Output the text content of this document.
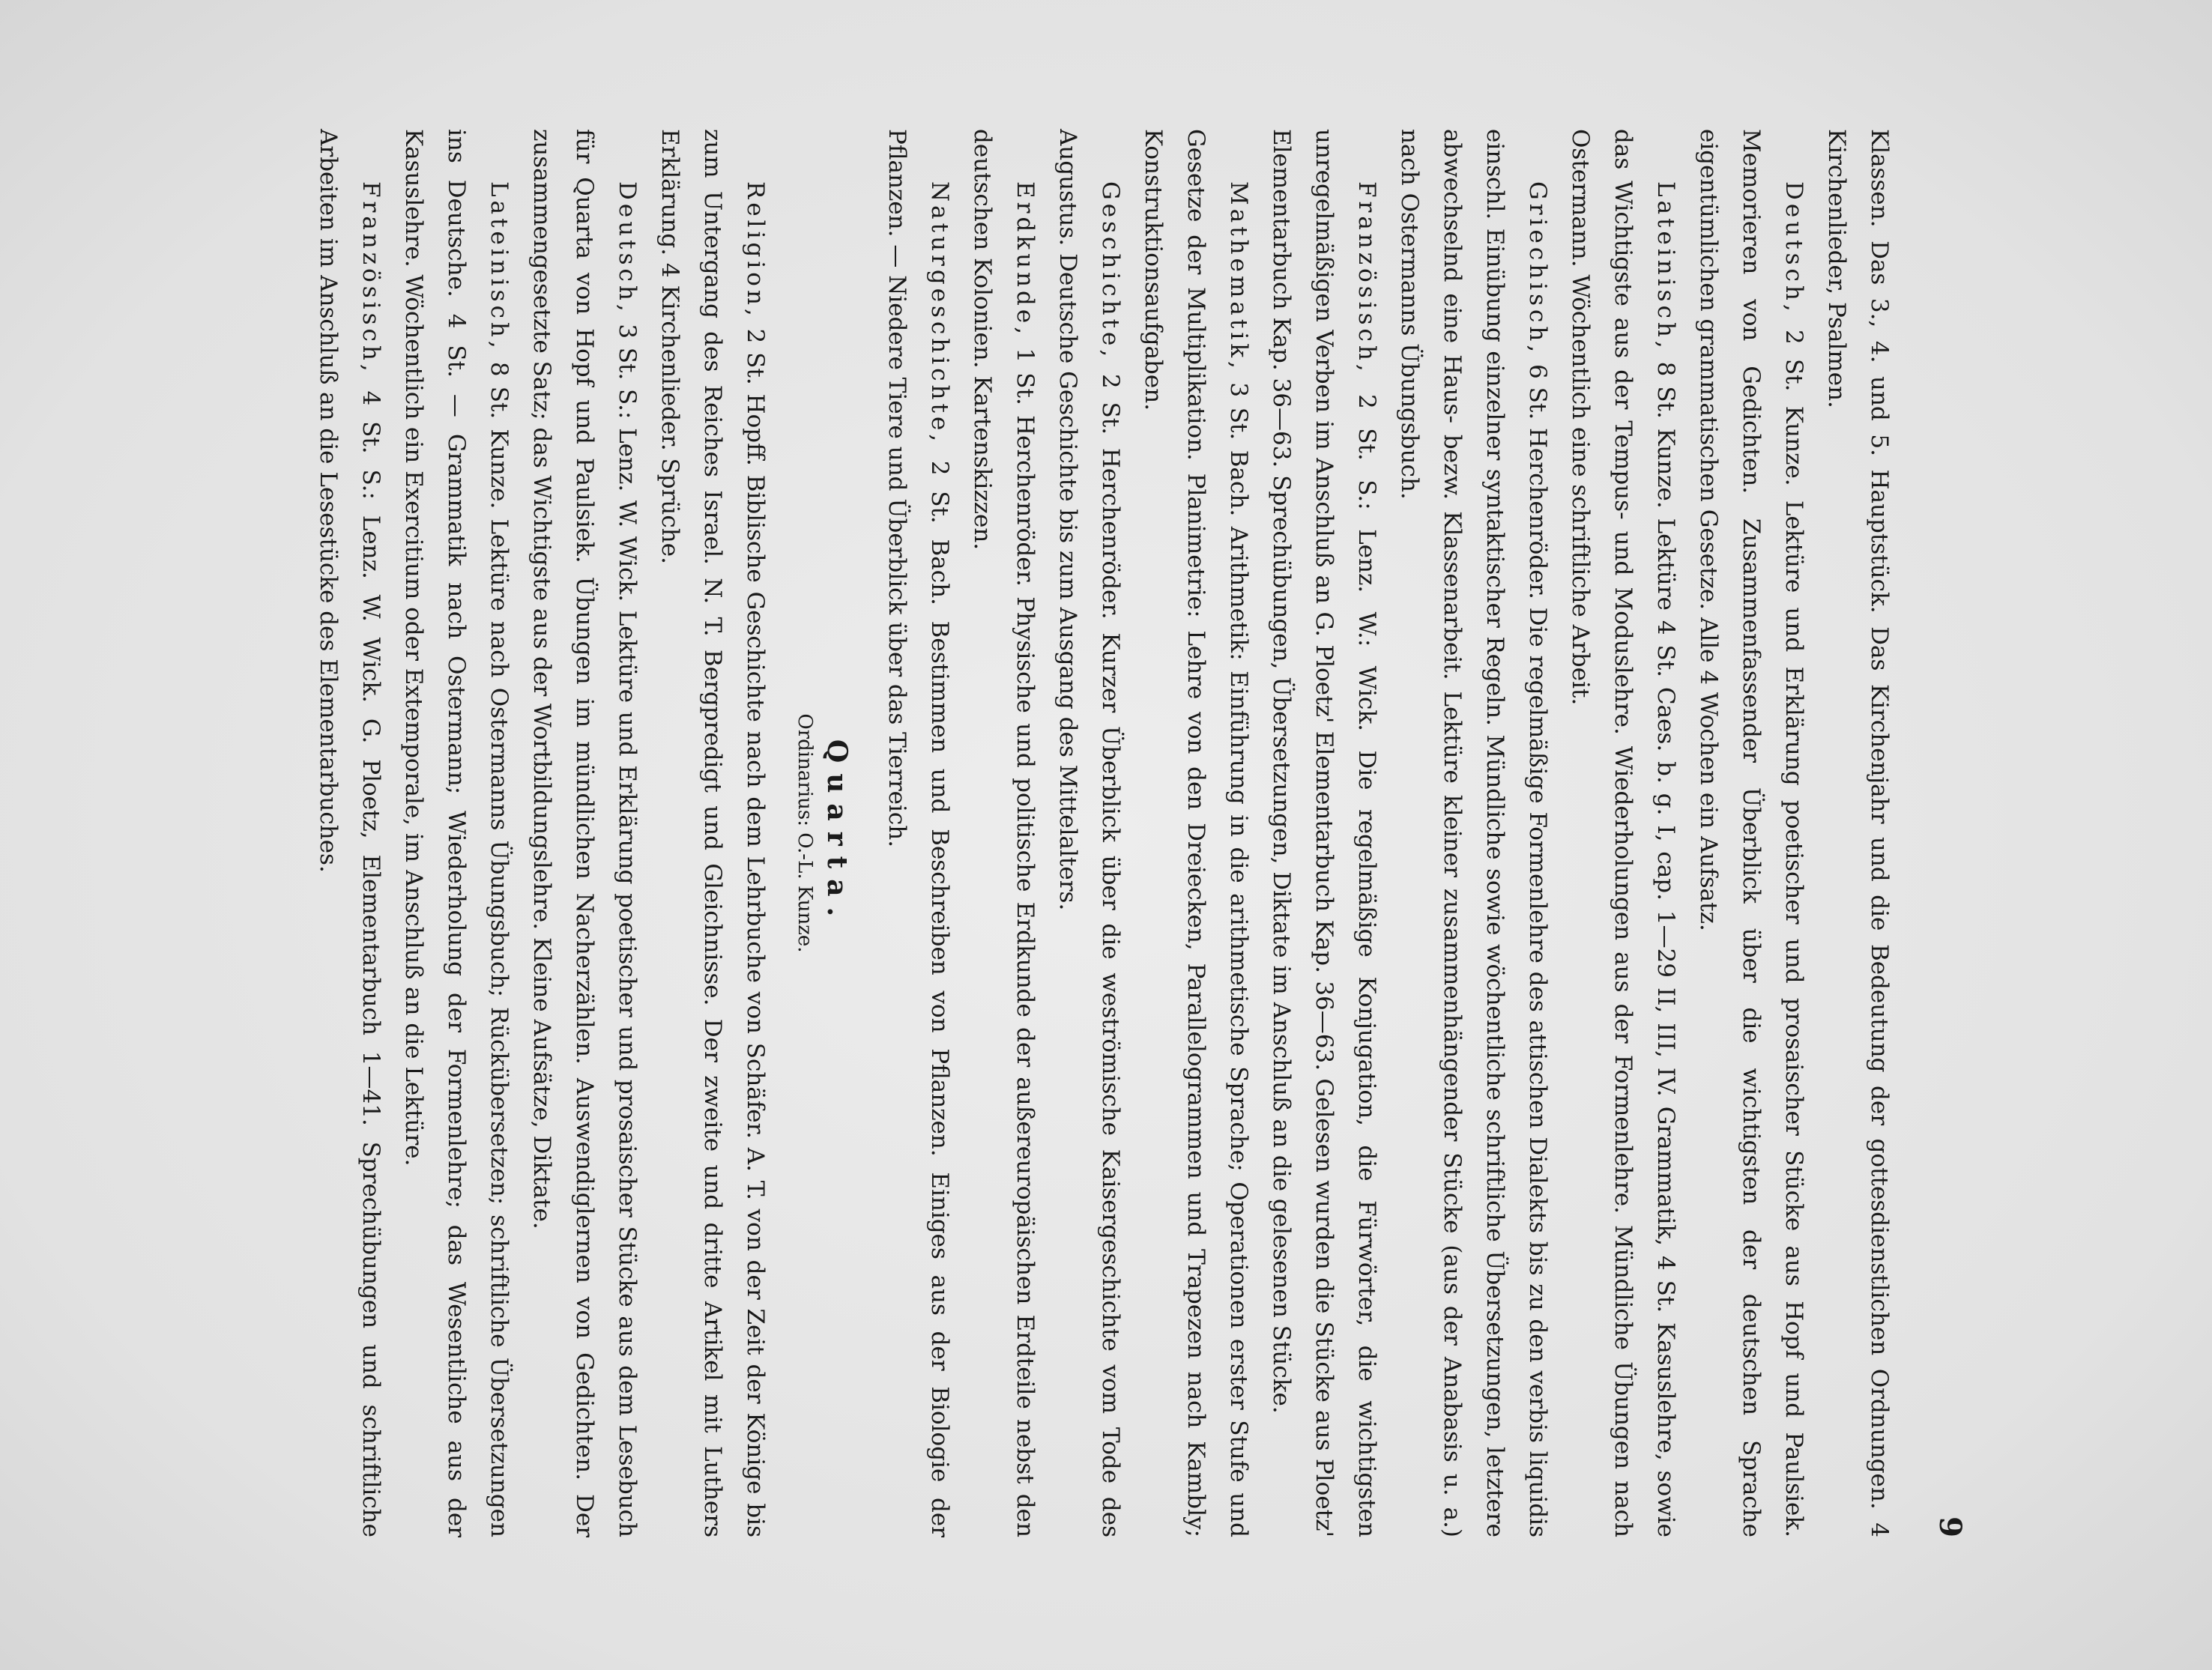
9

Klassen. Das 3., 4. und 5. Hauptstück. Das Kirchenjahr und die Bedeutung der gottesdienstlichen Ordnungen. 4 Kirchenlieder, Psalmen.

Deutsch, 2 St. Kunze. Lektüre und Erklärung poetischer und prosaischer Stücke aus Hopf und Paulsiek. Memorieren von Gedichten. Zusammenfassender Überblick über die wichtigsten der deutschen Sprache eigentümlichen grammatischen Gesetze. Alle 4 Wochen ein Aufsatz.

Lateinisch, 8 St. Kunze. Lektüre 4 St. Caes. b. g. I, cap. 1—29 II, III, IV. Grammatik, 4 St. Kasuslehre, sowie das Wichtigste aus der Tempus- und Moduslehre. Wiederholungen aus der Formenlehre. Mündliche Übungen nach Ostermann. Wöchentlich eine schriftliche Arbeit.

Griechisch, 6 St. Herchenröder. Die regelmäßige Formenlehre des attischen Dialekts bis zu den verbis liquidis einschl. Einübung einzelner syntaktischer Regeln. Mündliche sowie wöchentliche schriftliche Übersetzungen, letztere abwechselnd eine Haus- bezw. Klassenarbeit. Lektüre kleiner zusammenhängender Stücke (aus der Anabasis u. a.) nach Ostermanns Übungsbuch.

Französisch, 2 St. S.: Lenz. W.: Wick. Die regelmäßige Konjugation, die Fürwörter, die wichtigsten unregelmäßigen Verben im Anschluß an G. Ploetz' Elementarbuch Kap. 36—63. Gelesen wurden die Stücke aus Ploetz' Elementarbuch Kap. 36—63. Sprechübungen, Übersetzungen, Diktate im Anschluß an die gelesenen Stücke.

Mathematik, 3 St. Bach. Arithmetik: Einführung in die arithmetische Sprache; Operationen erster Stufe und Gesetze der Multiplikation. Planimetrie: Lehre von den Dreiecken, Parallelogrammen und Trapezen nach Kambly; Konstruktionsaufgaben.

Geschichte, 2 St. Herchenröder. Kurzer Überblick über die weströmische Kaisergeschichte vom Tode des Augustus. Deutsche Geschichte bis zum Ausgang des Mittelalters.

Erdkunde, 1 St. Herchenröder. Physische und politische Erdkunde der außereuropäischen Erdteile nebst den deutschen Kolonien. Kartenskizzen.

Naturgeschichte, 2 St. Bach. Bestimmen und Beschreiben von Pflanzen. Einiges aus der Biologie der Pflanzen. — Niedere Tiere und Überblick über das Tierreich.

Quarta.
Ordinarius: O.-L. Kunze.

Religion, 2 St. Hopff. Biblische Geschichte nach dem Lehrbuche von Schäfer. A. T. von der Zeit der Könige bis zum Untergang des Reiches Israel. N. T. Bergpredigt und Gleichnisse. Der zweite und dritte Artikel mit Luthers Erklärung. 4 Kirchenlieder. Sprüche.

Deutsch, 3 St. S.: Lenz. W. Wick. Lektüre und Erklärung poetischer und prosaischer Stücke aus dem Lesebuch für Quarta von Hopf und Paulsiek. Übungen im mündlichen Nacherzählen. Auswendiglernen von Gedichten. Der zusammengesetzte Satz; das Wichtigste aus der Wortbildungslehre. Kleine Aufsätze, Diktate.

Lateinisch, 8 St. Kunze. Lektüre nach Ostermanns Übungsbuch; Rückübersetzen; schriftliche Übersetzungen ins Deutsche. 4 St. — Grammatik nach Ostermann; Wiederholung der Formenlehre; das Wesentliche aus der Kasuslehre. Wöchentlich ein Exercitium oder Extemporale, im Anschluß an die Lektüre.

Französisch, 4 St. S.: Lenz. W. Wick. G. Ploetz, Elementarbuch 1—41. Sprechübungen und schriftliche Arbeiten im Anschluß an die Lesestücke des Elementarbuches.
